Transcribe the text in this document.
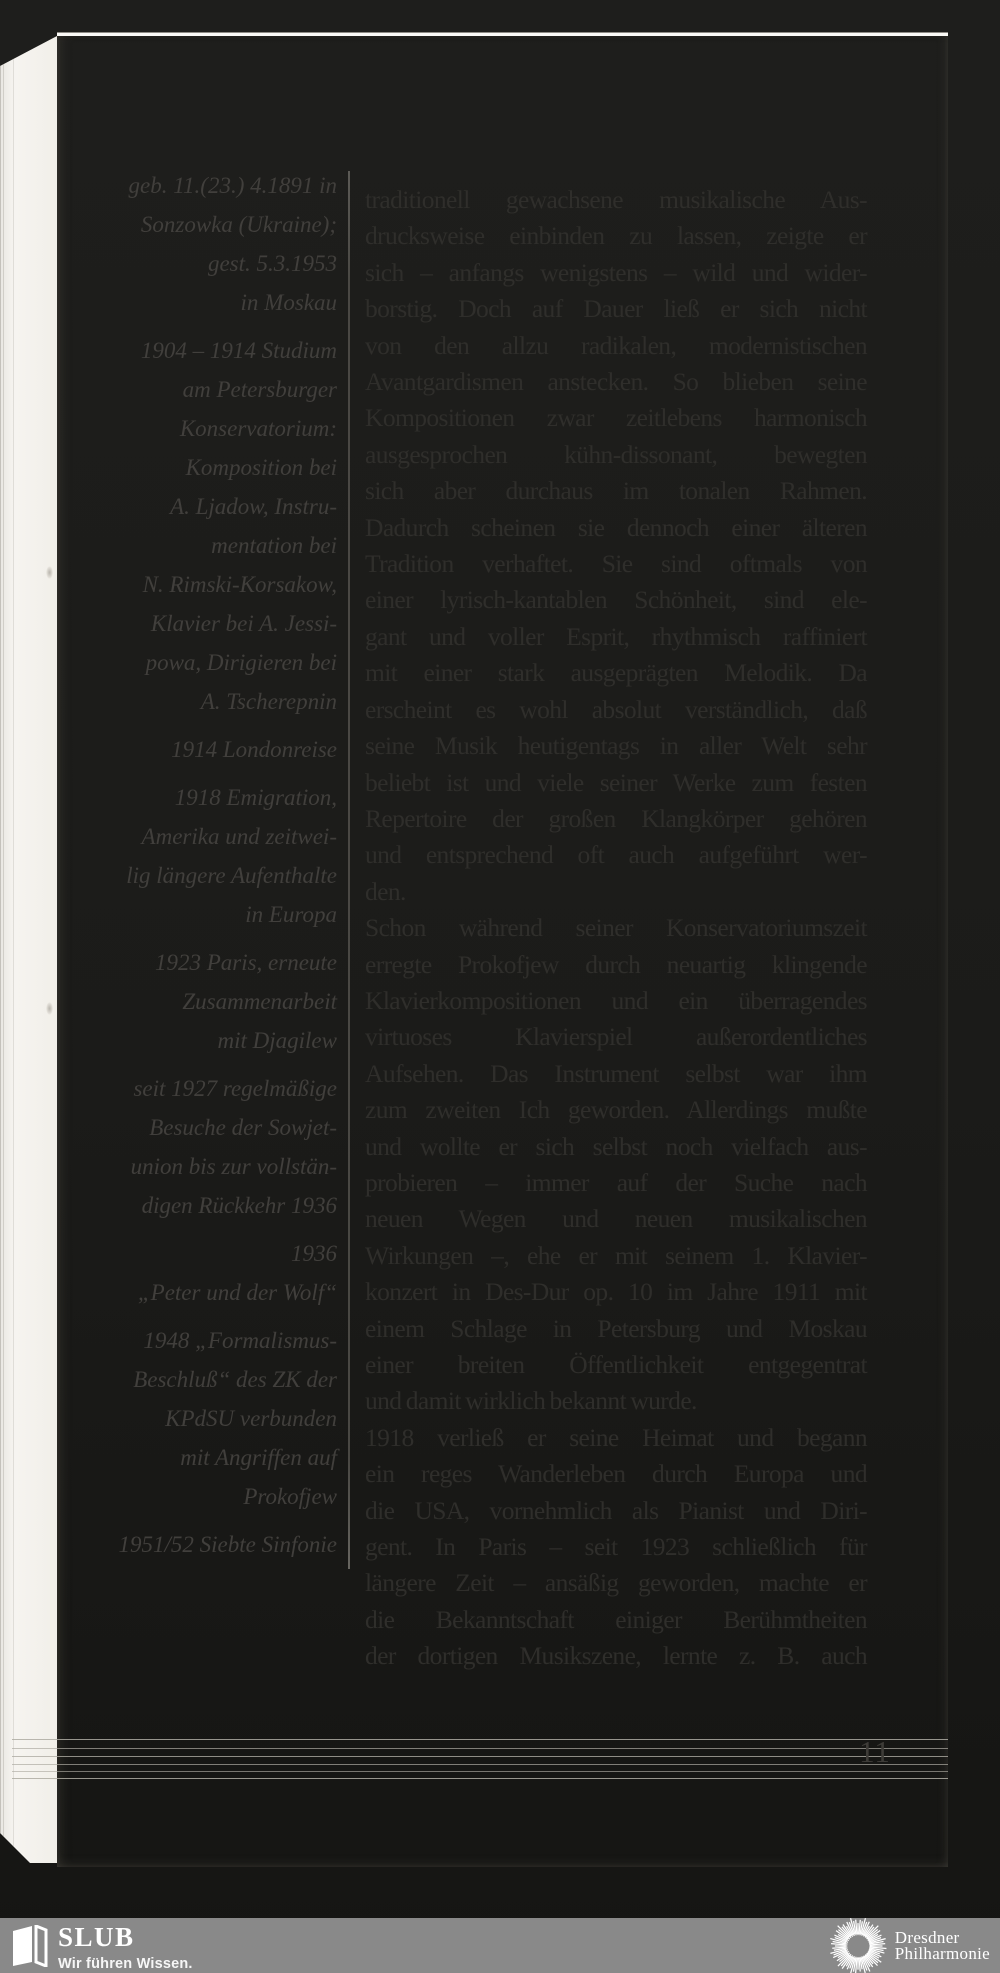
geb. 11.(23.) 4.1891 in
Sonzowka (Ukraine);
gest. 5.3.1953
in Moskau
1904 – 1914 Studium
am Petersburger
Konservatorium:
Komposition bei
A. Ljadow, Instru-
mentation bei
N. Rimski-Korsakow,
Klavier bei A. Jessi-
powa, Dirigieren bei
A. Tscherepnin
1914 Londonreise
1918 Emigration,
Amerika und zeitwei-
lig längere Aufenthalte
in Europa
1923 Paris, erneute
Zusammenarbeit
mit Djagilew
seit 1927 regelmäßige
Besuche der Sowjet-
union bis zur vollstän-
digen Rückkehr 1936
1936
„Peter und der Wolf“
1948 „Formalismus-
Beschluß“ des ZK der
KPdSU verbunden
mit Angriffen auf
Prokofjew
1951/52 Siebte Sinfonie
traditionell gewachsene musikalische Aus-
drucksweise einbinden zu lassen, zeigte er
sich – anfangs wenigstens – wild und wider-
borstig. Doch auf Dauer ließ er sich nicht
von den allzu radikalen, modernistischen
Avantgardismen anstecken. So blieben seine
Kompositionen zwar zeitlebens harmonisch
ausgesprochen kühn-dissonant, bewegten
sich aber durchaus im tonalen Rahmen.
Dadurch scheinen sie dennoch einer älteren
Tradition verhaftet. Sie sind oftmals von
einer lyrisch-kantablen Schönheit, sind ele-
gant und voller Esprit, rhythmisch raffiniert
mit einer stark ausgeprägten Melodik. Da
erscheint es wohl absolut verständlich, daß
seine Musik heutigentags in aller Welt sehr
beliebt ist und viele seiner Werke zum festen
Repertoire der großen Klangkörper gehören
und entsprechend oft auch aufgeführt wer-
den.
Schon während seiner Konservatoriumszeit
erregte Prokofjew durch neuartig klingende
Klavierkompositionen und ein überragendes
virtuoses Klavierspiel außerordentliches
Aufsehen. Das Instrument selbst war ihm
zum zweiten Ich geworden. Allerdings mußte
und wollte er sich selbst noch vielfach aus-
probieren – immer auf der Suche nach
neuen Wegen und neuen musikalischen
Wirkungen –, ehe er mit seinem 1. Klavier-
konzert in Des-Dur op. 10 im Jahre 1911 mit
einem Schlage in Petersburg und Moskau
einer breiten Öffentlichkeit entgegentrat
und damit wirklich bekannt wurde.
1918 verließ er seine Heimat und begann
ein reges Wanderleben durch Europa und
die USA, vornehmlich als Pianist und Diri-
gent. In Paris – seit 1923 schließlich für
längere Zeit – ansäßig geworden, machte er
die Bekanntschaft einiger Berühmtheiten
der dortigen Musikszene, lernte z. B. auch
11
SLUB
Wir führen Wissen.
Dresdner
Philharmonie
